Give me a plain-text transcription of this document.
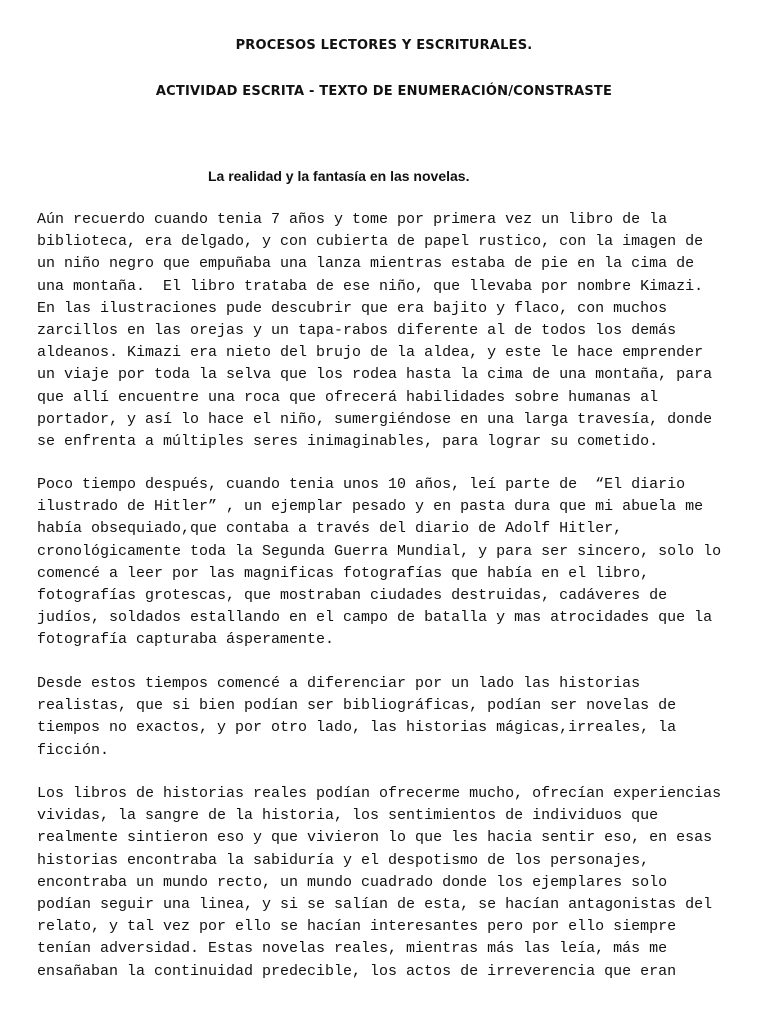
PROCESOS LECTORES Y ESCRITURALES.
ACTIVIDAD ESCRITA - TEXTO DE ENUMERACIÓN/CONSTRASTE
La realidad y la fantasía en las novelas.
Aún recuerdo cuando tenia 7 años y tome por primera vez un libro de la
biblioteca, era delgado, y con cubierta de papel rustico, con la imagen de
un niño negro que empuñaba una lanza mientras estaba de pie en la cima de
una montaña.  El libro trataba de ese niño, que llevaba por nombre Kimazi.
En las ilustraciones pude descubrir que era bajito y flaco, con muchos
zarcillos en las orejas y un tapa-rabos diferente al de todos los demás
aldeanos. Kimazi era nieto del brujo de la aldea, y este le hace emprender
un viaje por toda la selva que los rodea hasta la cima de una montaña, para
que allí encuentre una roca que ofrecerá habilidades sobre humanas al
portador, y así lo hace el niño, sumergiéndose en una larga travesía, donde
se enfrenta a múltiples seres inimaginables, para lograr su cometido.
Poco tiempo después, cuando tenia unos 10 años, leí parte de  “El diario
ilustrado de Hitler” , un ejemplar pesado y en pasta dura que mi abuela me
había obsequiado,que contaba a través del diario de Adolf Hitler,
cronológicamente toda la Segunda Guerra Mundial, y para ser sincero, solo lo
comencé a leer por las magnificas fotografías que había en el libro,
fotografías grotescas, que mostraban ciudades destruidas, cadáveres de
judíos, soldados estallando en el campo de batalla y mas atrocidades que la
fotografía capturaba ásperamente.
Desde estos tiempos comencé a diferenciar por un lado las historias
realistas, que si bien podían ser bibliográficas, podían ser novelas de
tiempos no exactos, y por otro lado, las historias mágicas,irreales, la
ficción.
Los libros de historias reales podían ofrecerme mucho, ofrecían experiencias
vividas, la sangre de la historia, los sentimientos de individuos que
realmente sintieron eso y que vivieron lo que les hacia sentir eso, en esas
historias encontraba la sabiduría y el despotismo de los personajes,
encontraba un mundo recto, un mundo cuadrado donde los ejemplares solo
podían seguir una linea, y si se salían de esta, se hacían antagonistas del
relato, y tal vez por ello se hacían interesantes pero por ello siempre
tenían adversidad. Estas novelas reales, mientras más las leía, más me
ensañaban la continuidad predecible, los actos de irreverencia que eran
